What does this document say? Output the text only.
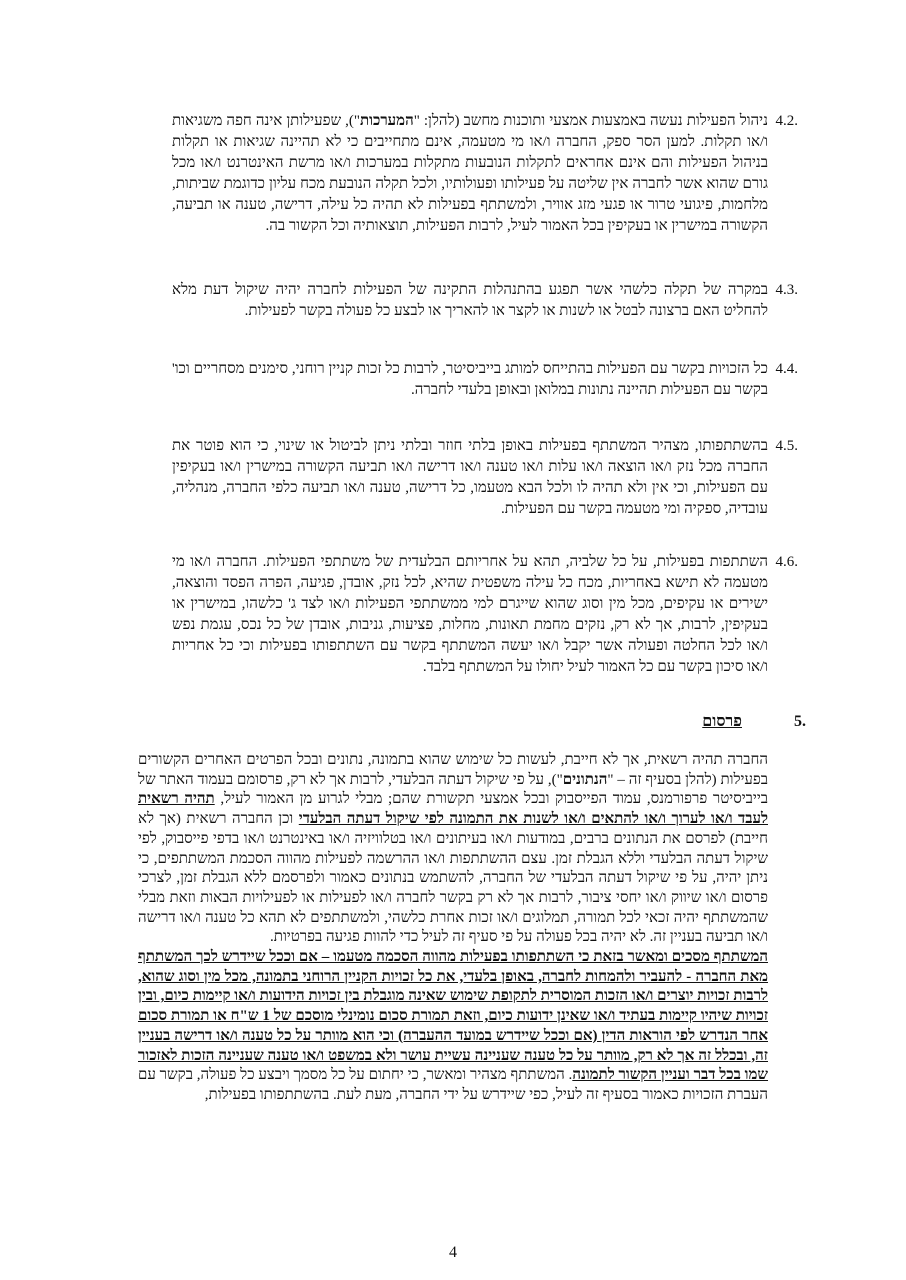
4.2.
ניהול הפעילות נעשה באמצעות אמצעי ותוכנות מחשב (להלן: "המערכות"), שפעילותן אינה חפה משגיאות ו/או תקלות. למען הסר ספק, החברה ו/או מי מטעמה, אינם מתחייבים כי לא תהיינה שגיאות או תקלות בניהול הפעילות והם אינם אחראים לתקלות הנובעות מתקלות במערכות ו/או מרשת האינטרנט ו/או מכל גורם שהוא אשר לחברה אין שליטה על פעילותו ופעולותיו, ולכל תקלה הנובעת מכח עליון כדוגמת שביתות, מלחמות, פיגועי טרור או פגעי מזג אוויר, ולמשתתף בפעילות לא תהיה כל עילה, דרישה, טענה או תביעה, הקשורה במישרין או בעקיפין בכל האמור לעיל, לרבות הפעילות, תוצאותיה וכל הקשור בה.
4.3.
במקרה של תקלה כלשהי אשר תפגע בהתנהלות התקינה של הפעילות לחברה יהיה שיקול דעת מלא להחליט האם ברצונה לבטל או לשנות או לקצר או להאריך או לבצע כל פעולה בקשר לפעילות.
4.4.
כל הזכויות בקשר עם הפעילות בהתייחס למותג בייביסיטר, לרבות כל זכות קניין רוחני, סימנים מסחריים וכו' בקשר עם הפעילות תהיינה נתונות במלואן ובאופן בלעדי לחברה.
4.5.
בהשתתפותו, מצהיר המשתתף בפעילות באופן בלתי חוזר ובלתי ניתן לביטול או שינוי, כי הוא פוטר את החברה מכל נזק ו/או הוצאה ו/או עלות ו/או טענה ו/או דרישה ו/או תביעה הקשורה במישרין ו/או בעקיפין עם הפעילות, וכי אין ולא תהיה לו ולכל הבא מטעמו, כל דרישה, טענה ו/או תביעה כלפי החברה, מנהליה, עובדיה, ספקיה ומי מטעמה בקשר עם הפעילות.
4.6.
השתתפות בפעילות, על כל שלביה, תהא על אחריותם הבלעדית של משתתפי הפעילות. החברה ו/או מי מטעמה לא תישא באחריות, מכח כל עילה משפטית שהיא, לכל נזק, אובדן, פגיעה, הפרה הפסד והוצאה, ישירים או עקיפים, מכל מין וסוג שהוא שייגרם למי ממשתתפי הפעילות ו/או לצד ג' כלשהו, במישרין או בעקיפין, לרבות, אך לא רק, נזקים מחמת תאונות, מחלות, פציעות, גניבות, אובדן של כל נכס, עגמת נפש ו/או לכל החלטה ופעולה אשר יקבל ו/או יעשה המשתתף בקשר עם השתתפותו בפעילות וכי כל אחריות ו/או סיכון בקשר עם כל האמור לעיל יחולו על המשתתף בלבד.
5.
פרסום
החברה תהיה רשאית, אך לא חייבת, לעשות כל שימוש שהוא בתמונה, נתונים ובכל הפרטים האחרים הקשורים בפעילות (להלן בסעיף זה – "הנתונים"), על פי שיקול דעתה הבלעדי, לרבות אך לא רק, פרסומם בעמוד האתר של בייביסיטר פרפורמנס, עמוד הפייסבוק ובכל אמצעי תקשורת שהם; מבלי לגרוע מן האמור לעיל, תהיה רשאית לעבד ו/או לערוך ו/או להתאים ו/או לשנות את התמונה לפי שיקול דעתה הבלעדי וכן החברה רשאית (אך לא חייבת) לפרסם את הנתונים ברבים, במודעות ו/או בעיתונים ו/או בטלוויזיה ו/או באינטרנט ו/או בדפי פייסבוק, לפי שיקול דעתה הבלעדי וללא הגבלת זמן. עצם ההשתתפות ו/או ההרשמה לפעילות מהווה הסכמת המשתתפים, כי ניתן יהיה, על פי שיקול דעתה הבלעדי של החברה, להשתמש בנתונים כאמור ולפרסמם ללא הגבלת זמן, לצרכי פרסום ו/או שיווק ו/או יחסי ציבור, לרבות אך לא רק בקשר לחברה ו/או לפעילות או לפעילויות הבאות וזאת מבלי שהמשתתף יהיה זכאי לכל תמורה, תמלוגים ו/או זכות אחרת כלשהי, ולמשתתפים לא תהא כל טענה ו/או דרישה ו/או תביעה בעניין זה. לא יהיה בכל פעולה על פי סעיף זה לעיל כדי להוות פגיעה בפרטיות.
המשתתף מסכים ומאשר בזאת כי השתתפותו בפעילות מהווה הסכמה מטעמו – אם וככל שיידרש לכך המשתתף מאת החברה - להעביר ולהמחות לחברה, באופן בלעדי, את כל זכויות הקניין הרוחני בתמונה, מכל מין וסוג שהוא, לרבות זכויות יוצרים ו/או הזכות המוסרית לתקופת שימוש שאינה מוגבלת בין זכויות הידועות ו/או קיימות כיום, ובין זכויות שיהיו קיימות בעתיד ו/או שאינן ידועות כיום, וזאת תמורת סכום נומינלי מוסכם של 1 ש"ח או תמורת סכום אחר הנדרש לפי הוראות הדין (אם וככל שיידרש במועד ההעברה) וכי הוא מוותר על כל טענה ו/או דרישה בעניין זה, ובכלל זה אך לא רק, מוותר על כל טענה שעניינה עשיית עושר ולא במשפט ו/או טענה שעניינה הזכות לאזכור שמו בכל דבר ועניין הקשור לתמונה. המשתתף מצהיר ומאשר, כי יחתום על כל מסמך ויבצע כל פעולה, בקשר עם העברת הזכויות כאמור בסעיף זה לעיל, כפי שיידרש על ידי החברה, מעת לעת. בהשתתפותו בפעילות,
4
